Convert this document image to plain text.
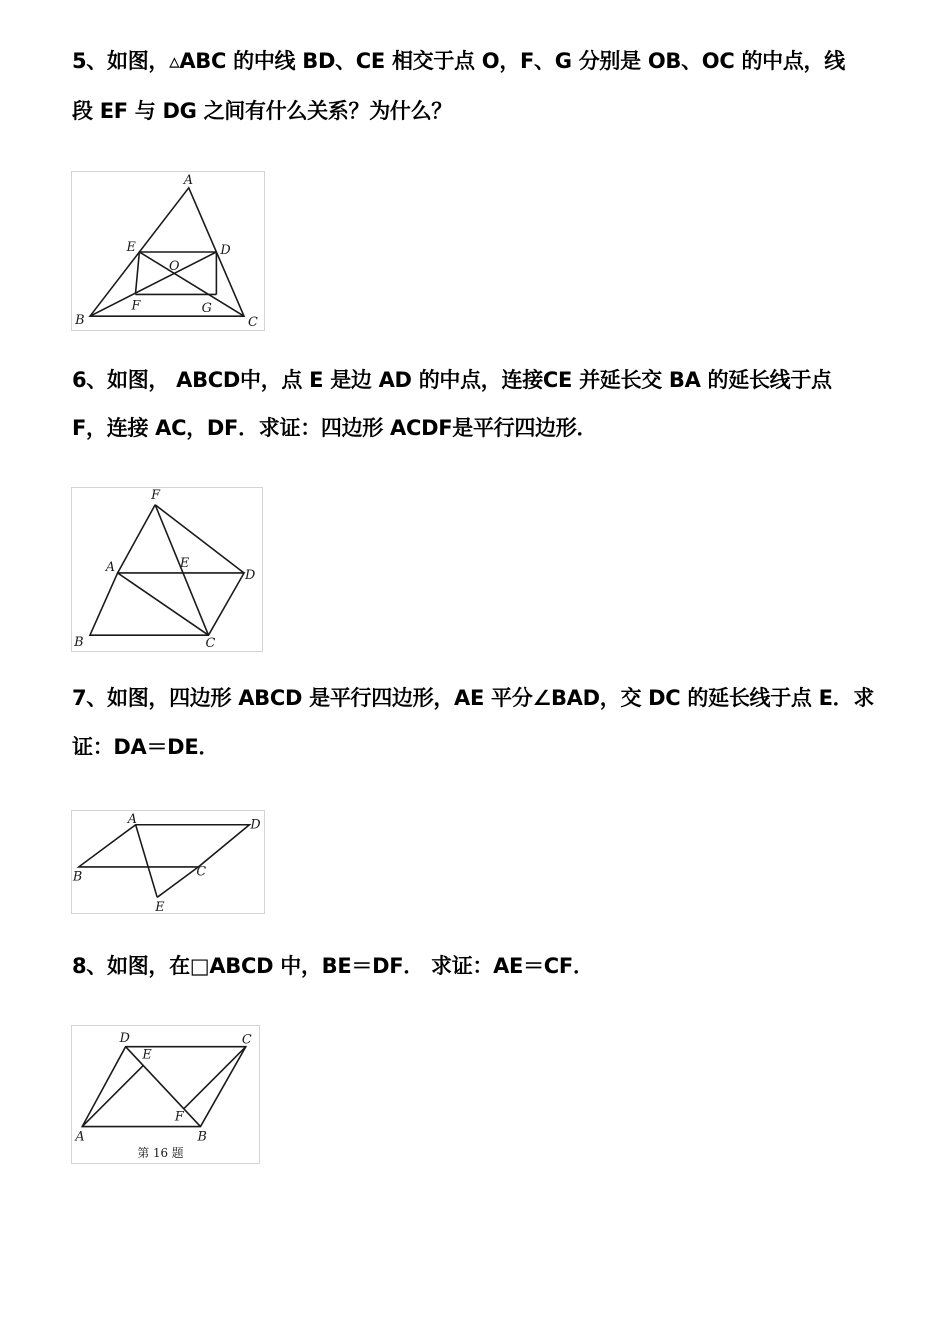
5、如图，▵ABC 的中线 BD、CE 相交于点 O，F、G 分别是 OB、OC 的中点，线
段 EF 与 DG 之间有什么关系？为什么？
A
B	C
D
E
O
F	G
6、如图， ABCD中，点 E 是边 AD 的中点，连接CE 并延长交 BA 的延长线于点
F，连接 AC，DF．求证：四边形 ACDF是平行四边形．
F
A	E
D
B	C
7、如图，四边形 ABCD 是平行四边形，AE 平分∠BAD，交 DC 的延长线于点 E．求
证：DA＝DE．
A	D
B	C
E
8、如图，在□ABCD 中，BE＝DF． 求证：AE＝CF．
D
E
C
F
A	B
第 16 题
